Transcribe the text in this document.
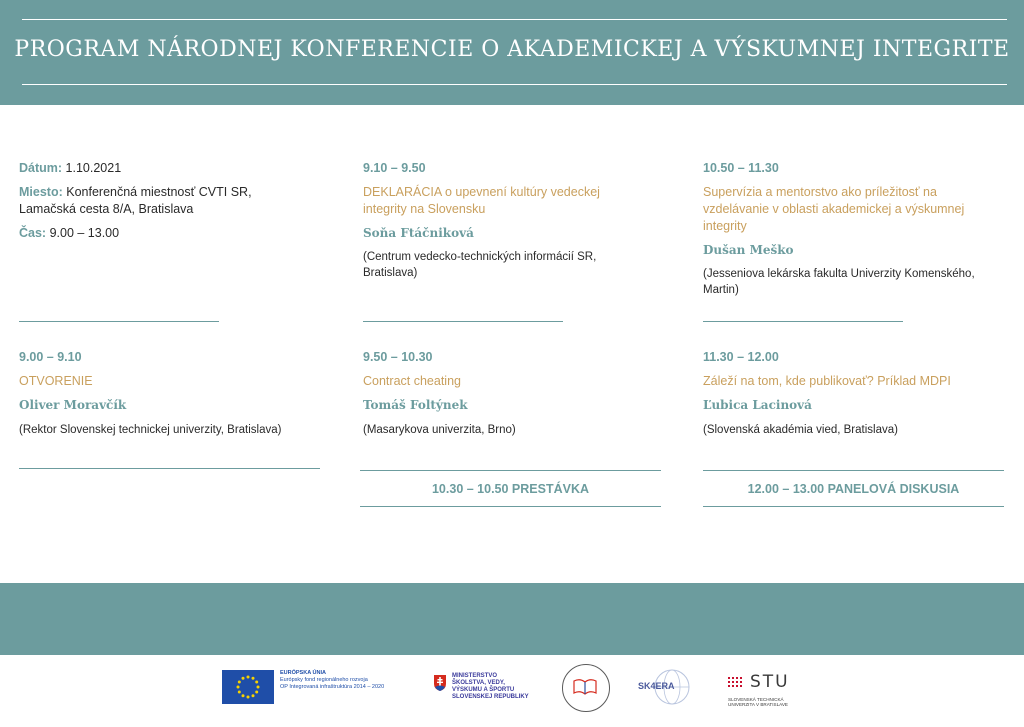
PROGRAM NÁRODNEJ KONFERENCIE O AKADEMICKEJ A VÝSKUMNEJ INTEGRITE
Dátum: 1.10.2021
Miesto: Konferenčná miestnosť CVTI SR,
Lamačská cesta 8/A, Bratislava
Čas: 9.00 – 13.00
9.10 – 9.50
DEKLARÁCIA o upevnení kultúry vedeckej
integrity na Slovensku
Soňa Ftáčniková
(Centrum vedecko-technických informácií SR,
Bratislava)
10.50 – 11.30
Supervízia a mentorstvo ako príležitosť na
vzdelávanie v oblasti akademickej a výskumnej
integrity
Dušan Meško
(Jesseniova lekárska fakulta Univerzity Komenského,
Martin)
9.00 – 9.10
OTVORENIE
Oliver Moravčík
(Rektor Slovenskej technickej univerzity, Bratislava)
9.50 – 10.30
Contract cheating
Tomáš Foltýnek
(Masarykova univerzita, Brno)
10.30 – 10.50 PRESTÁVKA
11.30 – 12.00
Záleží na tom, kde publikovať? Príklad MDPI
Ľubica Lacinová
(Slovenská akadémia vied, Bratislava)
12.00 – 13.00 PANELOVÁ DISKUSIA
EURÓPSKA ÚNIA
Európsky fond regionálneho rozvoja
OP Integrovaná infraštruktúra 2014 – 2020
MINISTERSTVO
ŠKOLSTVA, VEDY,
VÝSKUMU A ŠPORTU
SLOVENSKEJ REPUBLIKY
SK4ERA	STU
SLOVENSKÁ TECHNICKÁ UNIVERZITA V BRATISLAVE
